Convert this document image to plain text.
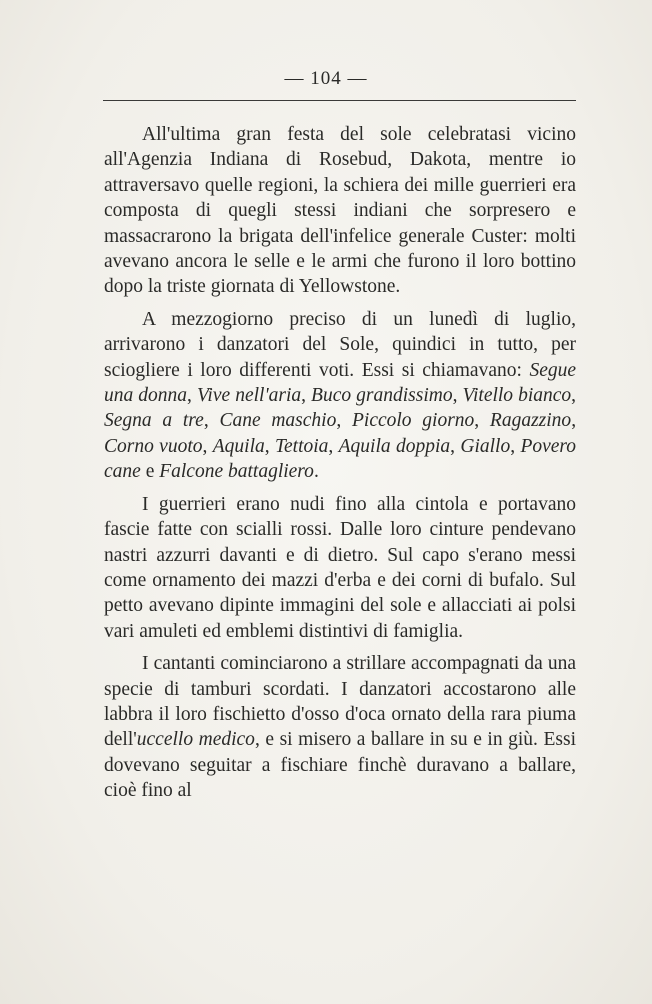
— 104 —

All'ultima gran festa del sole celebratasi vicino all'Agenzia Indiana di Rosebud, Dakota, mentre io attraversavo quelle regioni, la schiera dei mille guerrieri era composta di quegli stessi indiani che sorpresero e massacrarono la brigata dell'infelice generale Custer: molti avevano ancora le selle e le armi che furono il loro bottino dopo la triste giornata di Yellowstone.

A mezzogiorno preciso di un lunedì di luglio, arrivarono i danzatori del Sole, quindici in tutto, per sciogliere i loro differenti voti. Essi si chiamavano: Segue una donna, Vive nell'aria, Buco grandissimo, Vitello bianco, Segna a tre, Cane maschio, Piccolo giorno, Ragazzino, Corno vuoto, Aquila, Tettoia, Aquila doppia, Giallo, Povero cane e Falcone battagliero.

I guerrieri erano nudi fino alla cintola e portavano fascie fatte con scialli rossi. Dalle loro cinture pendevano nastri azzurri davanti e di dietro. Sul capo s'erano messi come ornamento dei mazzi d'erba e dei corni di bufalo. Sul petto avevano dipinte immagini del sole e allacciati ai polsi vari amuleti ed emblemi distintivi di famiglia.

I cantanti cominciarono a strillare accompagnati da una specie di tamburi scordati. I danzatori accostarono alle labbra il loro fischietto d'osso d'oca ornato della rara piuma dell'uccello medico, e si misero a ballare in su e in giù. Essi dovevano seguitar a fischiare finchè duravano a ballare, cioè fino al
